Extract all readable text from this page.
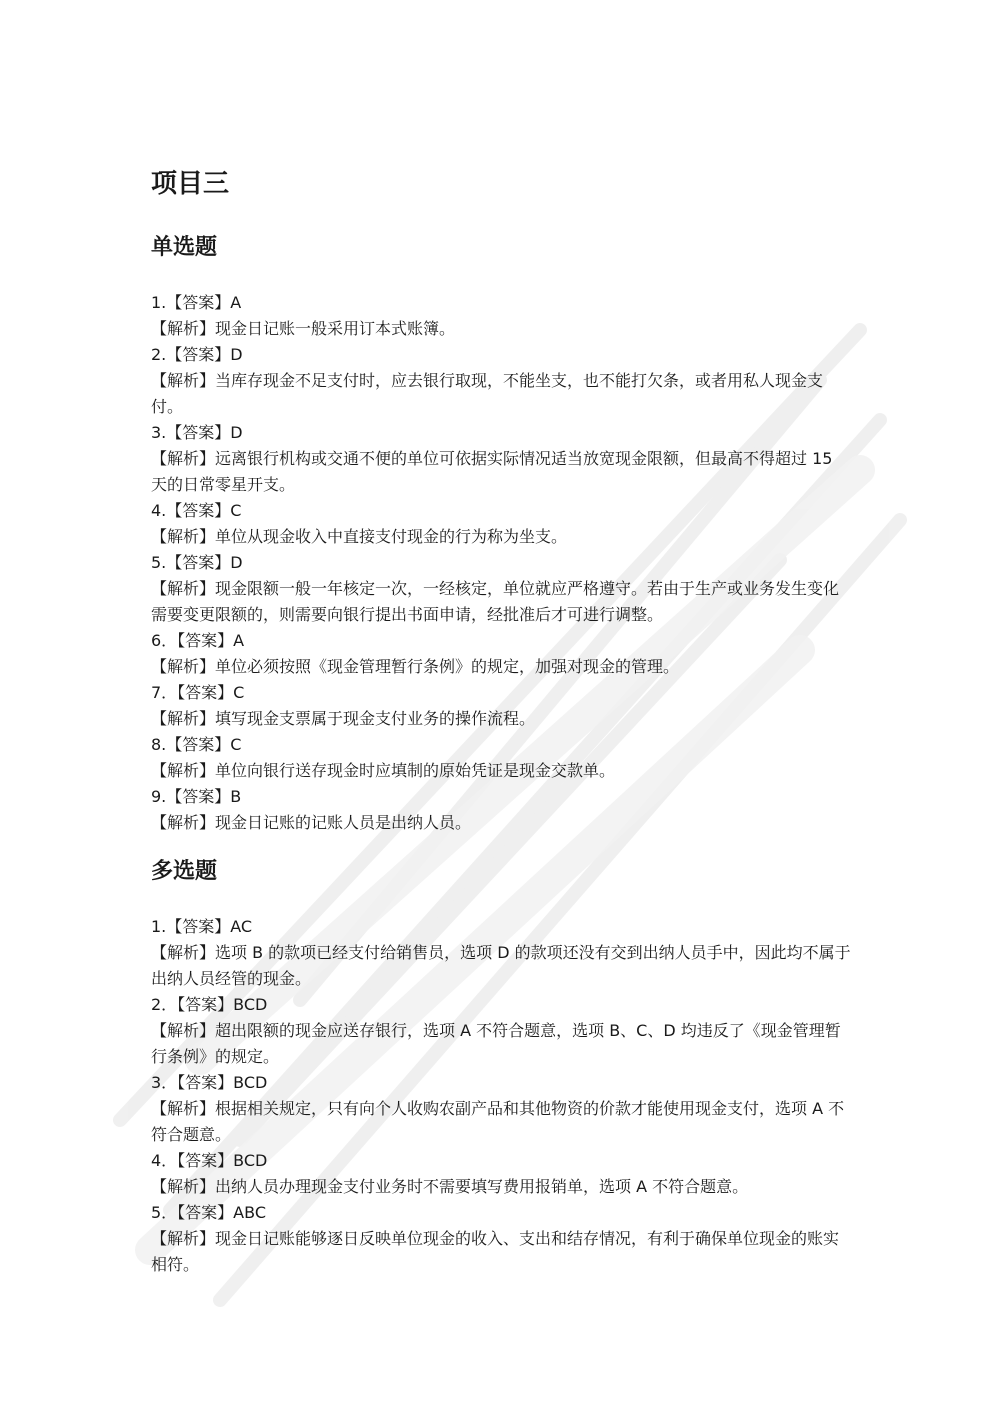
项目三
单选题

1.【答案】A

【解析】现金日记账一般采用订本式账簿。

2.【答案】D

【解析】当库存现金不足支付时，应去银行取现，不能坐支，也不能打欠条，或者用私人现金支付。

3.【答案】D

【解析】远离银行机构或交通不便的单位可依据实际情况适当放宽现金限额，但最高不得超过 15 天的日常零星开支。

4.【答案】C

【解析】单位从现金收入中直接支付现金的行为称为坐支。

5.【答案】D

【解析】现金限额一般一年核定一次，一经核定，单位就应严格遵守。若由于生产或业务发生变化需要变更限额的，则需要向银行提出书面申请，经批准后才可进行调整。

6．【答案】A

【解析】单位必须按照《现金管理暂行条例》的规定，加强对现金的管理。

7．【答案】C

【解析】填写现金支票属于现金支付业务的操作流程。

8.【答案】C

【解析】单位向银行送存现金时应填制的原始凭证是现金交款单。

9.【答案】B

【解析】现金日记账的记账人员是出纳人员。

多选题

1.【答案】AC

【解析】选项 B 的款项已经支付给销售员，选项 D 的款项还没有交到出纳人员手中，因此均不属于出纳人员经管的现金。

2．【答案】BCD

【解析】超出限额的现金应送存银行，选项 A 不符合题意，选项 B、C、D 均违反了《现金管理暂行条例》的规定。

3．【答案】BCD

【解析】根据相关规定，只有向个人收购农副产品和其他物资的价款才能使用现金支付，选项 A 不符合题意。

4．【答案】BCD

【解析】出纳人员办理现金支付业务时不需要填写费用报销单，选项 A 不符合题意。

5．【答案】ABC

【解析】现金日记账能够逐日反映单位现金的收入、支出和结存情况，有利于确保单位现金的账实相符。
